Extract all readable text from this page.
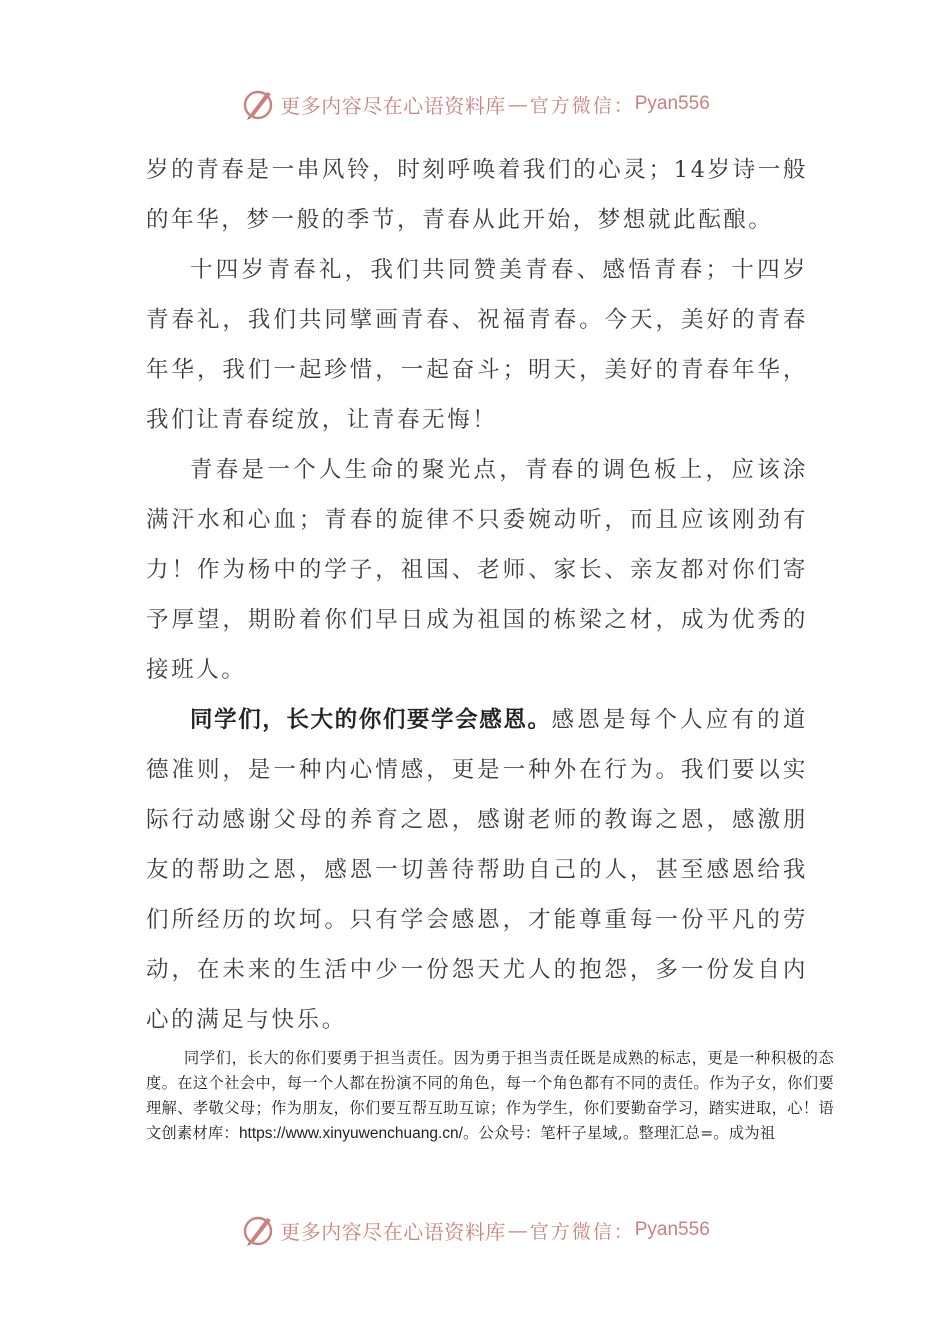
更多内容尽在心语资料库 — 官方微信： Pyan556

岁的青春是一串风铃，时刻呼唤着我们的心灵；14岁诗一般的年华，梦一般的季节，青春从此开始，梦想就此酝酿。

十四岁青春礼，我们共同赞美青春、感悟青春；十四岁青春礼，我们共同擘画青春、祝福青春。今天，美好的青春年华，我们一起珍惜，一起奋斗；明天，美好的青春年华，我们让青春绽放，让青春无悔！

青春是一个人生命的聚光点，青春的调色板上，应该涂满汗水和心血；青春的旋律不只委婉动听，而且应该刚劲有力！作为杨中的学子，祖国、老师、家长、亲友都对你们寄予厚望，期盼着你们早日成为祖国的栋梁之材，成为优秀的接班人。

同学们，长大的你们要学会感恩。感恩是每个人应有的道德准则，是一种内心情感，更是一种外在行为。我们要以实际行动感谢父母的养育之恩，感谢老师的教诲之恩，感激朋友的帮助之恩，感恩一切善待帮助自己的人，甚至感恩给我们所经历的坎坷。只有学会感恩，才能尊重每一份平凡的劳动，在未来的生活中少一份怨天尤人的抱怨，多一份发自内心的满足与快乐。

同学们，长大的你们要勇于担当责任。因为勇于担当责任既是成熟的标志，更是一种积极的态度。在这个社会中，每一个人都在扮演不同的角色，每一个角色都有不同的责任。作为子女，你们要理解、孝敬父母；作为朋友，你们要互帮互助互谅；作为学生，你们要勤奋学习，踏实进取，心！语文创素材库：https://www.xinyuwenchuang.cn/。公众号：笔杆子星域,。整理汇总=。成为祖

更多内容尽在心语资料库 — 官方微信： Pyan556
